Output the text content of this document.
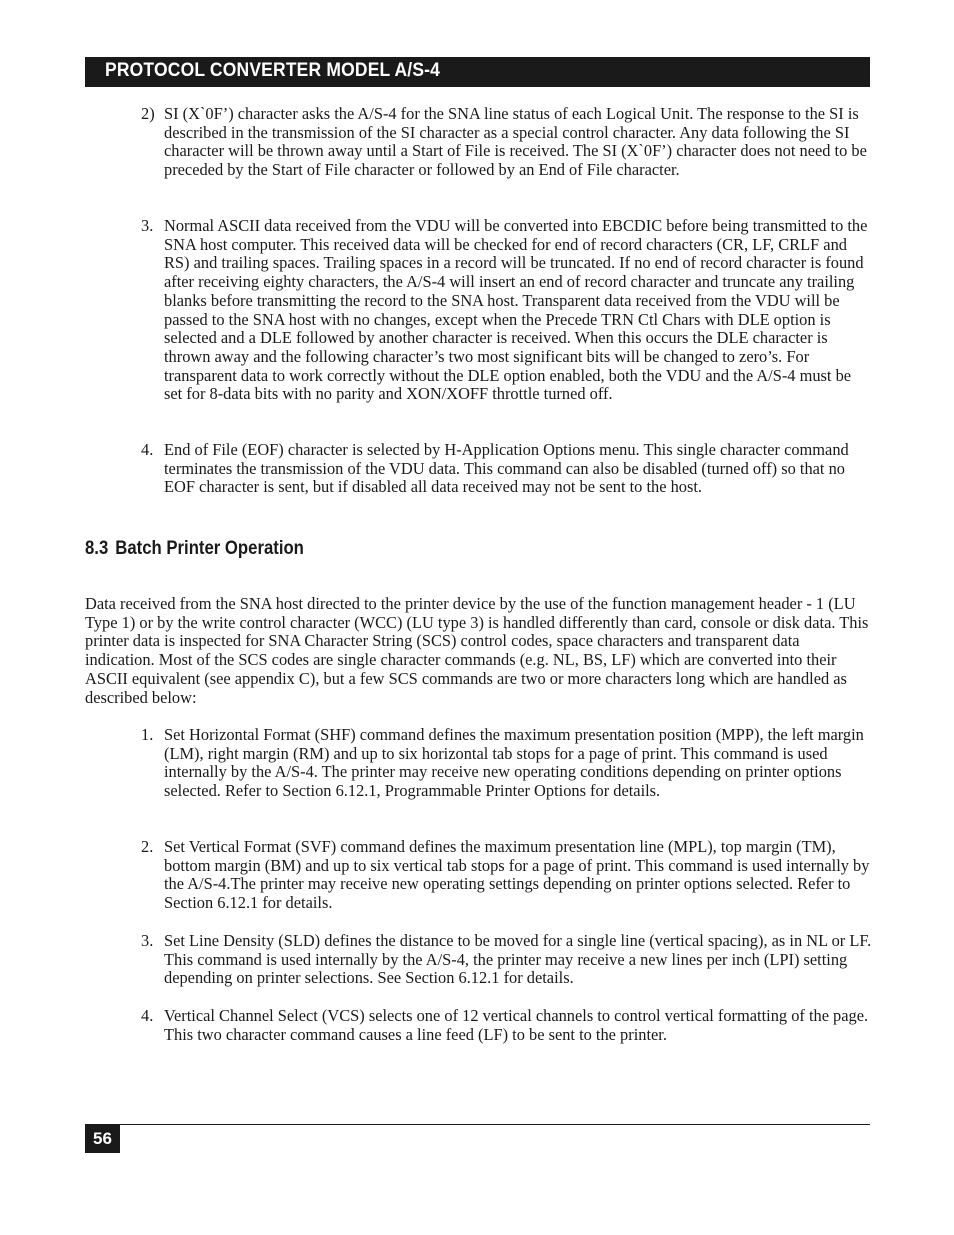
PROTOCOL CONVERTER MODEL A/S-4
2) SI (X`0F’) character asks the A/S-4 for the SNA line status of each Logical Unit. The response to the SI is described in the transmission of the SI character as a special control character. Any data following the SI character will be thrown away until a Start of File is received. The SI (X`0F’) character does not need to be preceded by the Start of File character or followed by an End of File character.
3. Normal ASCII data received from the VDU will be converted into EBCDIC before being transmitted to the SNA host computer. This received data will be checked for end of record characters (CR, LF, CRLF and RS) and trailing spaces. Trailing spaces in a record will be truncated. If no end of record character is found after receiving eighty characters, the A/S-4 will insert an end of record character and truncate any trailing blanks before transmitting the record to the SNA host. Transparent data received from the VDU will be passed to the SNA host with no changes, except when the Precede TRN Ctl Chars with DLE option is selected and a DLE followed by another character is received. When this occurs the DLE character is thrown away and the following character’s two most significant bits will be changed to zero’s. For transparent data to work correctly without the DLE option enabled, both the VDU and the A/S-4 must be set for 8-data bits with no parity and XON/XOFF throttle turned off.
4. End of File (EOF) character is selected by H-Application Options menu. This single character command terminates the transmission of the VDU data. This command can also be disabled (turned off) so that no EOF character is sent, but if disabled all data received may not be sent to the host.
8.3 Batch Printer Operation

Data received from the SNA host directed to the printer device by the use of the function management header - 1 (LU Type 1) or by the write control character (WCC) (LU type 3) is handled differently than card, console or disk data. This printer data is inspected for SNA Character String (SCS) control codes, space characters and transparent data indication. Most of the SCS codes are single character commands (e.g. NL, BS, LF) which are converted into their ASCII equivalent (see appendix C), but a few SCS commands are two or more characters long which are handled as described below:

1. Set Horizontal Format (SHF) command defines the maximum presentation position (MPP), the left margin (LM), right margin (RM) and up to six horizontal tab stops for a page of print. This command is used internally by the A/S-4. The printer may receive new operating conditions depending on printer options selected. Refer to Section 6.12.1, Programmable Printer Options for details.
2. Set Vertical Format (SVF) command defines the maximum presentation line (MPL), top margin (TM), bottom margin (BM) and up to six vertical tab stops for a page of print. This command is used internally by the A/S-4.The printer may receive new operating settings depending on printer options selected. Refer to Section 6.12.1 for details.
3. Set Line Density (SLD) defines the distance to be moved for a single line (vertical spacing), as in NL or LF. This command is used internally by the A/S-4, the printer may receive a new lines per inch (LPI) setting depending on printer selections. See Section 6.12.1 for details.
4. Vertical Channel Select (VCS) selects one of 12 vertical channels to control vertical formatting of the page. This two character command causes a line feed (LF) to be sent to the printer.
56
